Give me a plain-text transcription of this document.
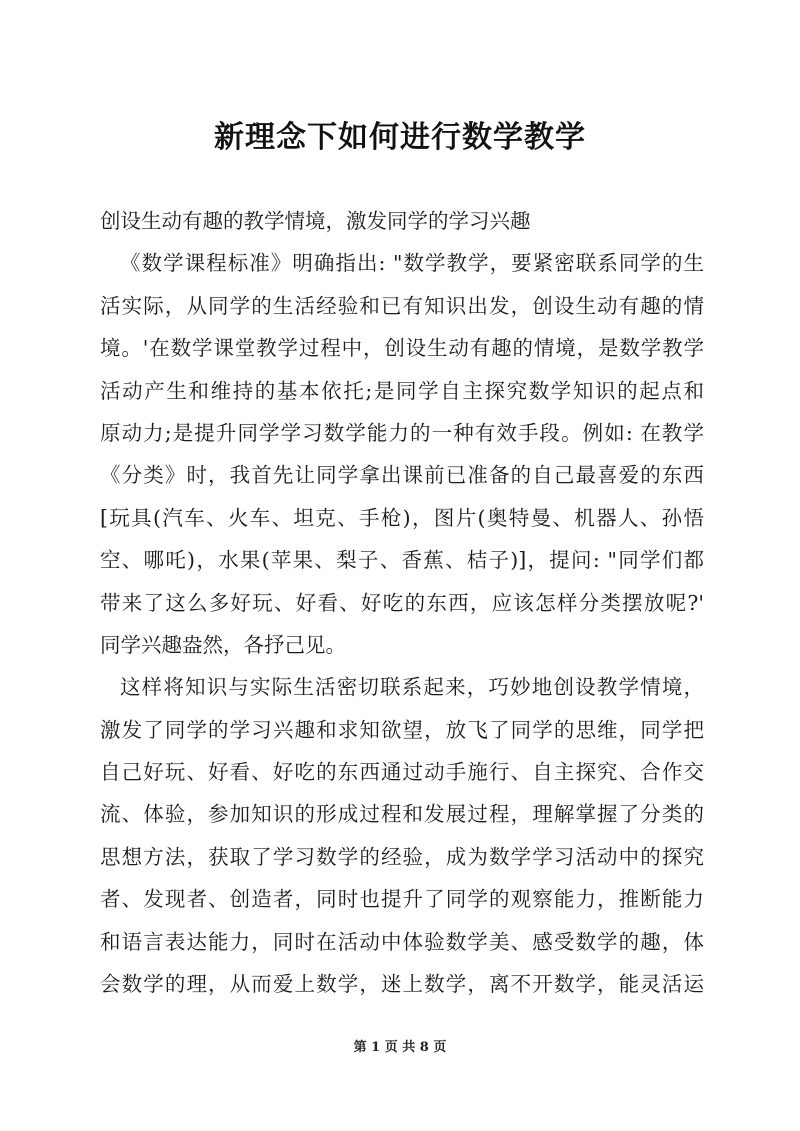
新理念下如何进行数学教学
创设生动有趣的教学情境，激发同学的学习兴趣
《数学课程标准》明确指出: "数学教学，要紧密联系同学的生
活实际，从同学的生活经验和已有知识出发，创设生动有趣的情
境。'在数学课堂教学过程中，创设生动有趣的情境，是数学教学
活动产生和维持的基本依托;是同学自主探究数学知识的起点和
原动力;是提升同学学习数学能力的一种有效手段。例如: 在教学
《分类》时，我首先让同学拿出课前已准备的自己最喜爱的东西
[玩具(汽车、火车、坦克、手枪)，图片(奥特曼、机器人、孙悟
空、哪吒)，水果(苹果、梨子、香蕉、桔子)]，提问: "同学们都
带来了这么多好玩、好看、好吃的东西，应该怎样分类摆放呢?'
同学兴趣盎然，各抒己见。
这样将知识与实际生活密切联系起来，巧妙地创设教学情境，
激发了同学的学习兴趣和求知欲望，放飞了同学的思维，同学把
自己好玩、好看、好吃的东西通过动手施行、自主探究、合作交
流、体验，参加知识的形成过程和发展过程，理解掌握了分类的
思想方法，获取了学习数学的经验，成为数学学习活动中的探究
者、发现者、创造者，同时也提升了同学的观察能力，推断能力
和语言表达能力，同时在活动中体验数学美、感受数学的趣，体
会数学的理，从而爱上数学，迷上数学，离不开数学，能灵活运
第 1 页 共 8 页
